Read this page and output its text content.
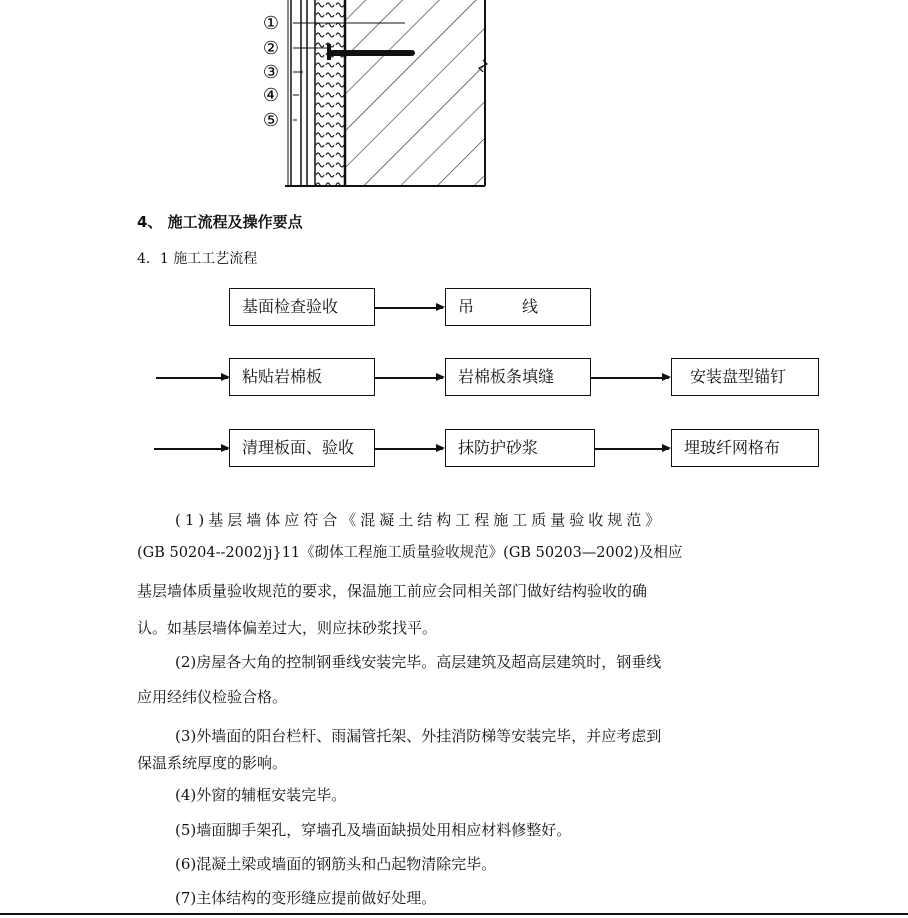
①
②
③
④
⑤
4、 施工流程及操作要点
4．1 施工工艺流程
基面检查验收	吊　　　线
粘贴岩棉板	岩棉板条填缝	安装盘型锚钉
清理板面、验收	抹防护砂浆	埋玻纤网格布
(1)基层墙体应符合《混凝土结构工程施工质量验收规范》
(GB 50204--2002)j}11《砌体工程施工质量验收规范》(GB 50203—2002)及相应
基层墙体质量验收规范的要求，保温施工前应会同相关部门做好结构验收的确
认。如基层墙体偏差过大，则应抹砂浆找平。
(2)房屋各大角的控制钢垂线安装完毕。高层建筑及超高层建筑时，钢垂线
应用经纬仪检验合格。
(3)外墙面的阳台栏杆、雨漏管托架、外挂消防梯等安装完毕，并应考虑到
保温系统厚度的影响。
(4)外窗的辅框安装完毕。
(5)墙面脚手架孔，穿墙孔及墙面缺损处用相应材料修整好。
(6)混凝土梁或墙面的钢筋头和凸起物清除完毕。
(7)主体结构的变形缝应提前做好处理。
